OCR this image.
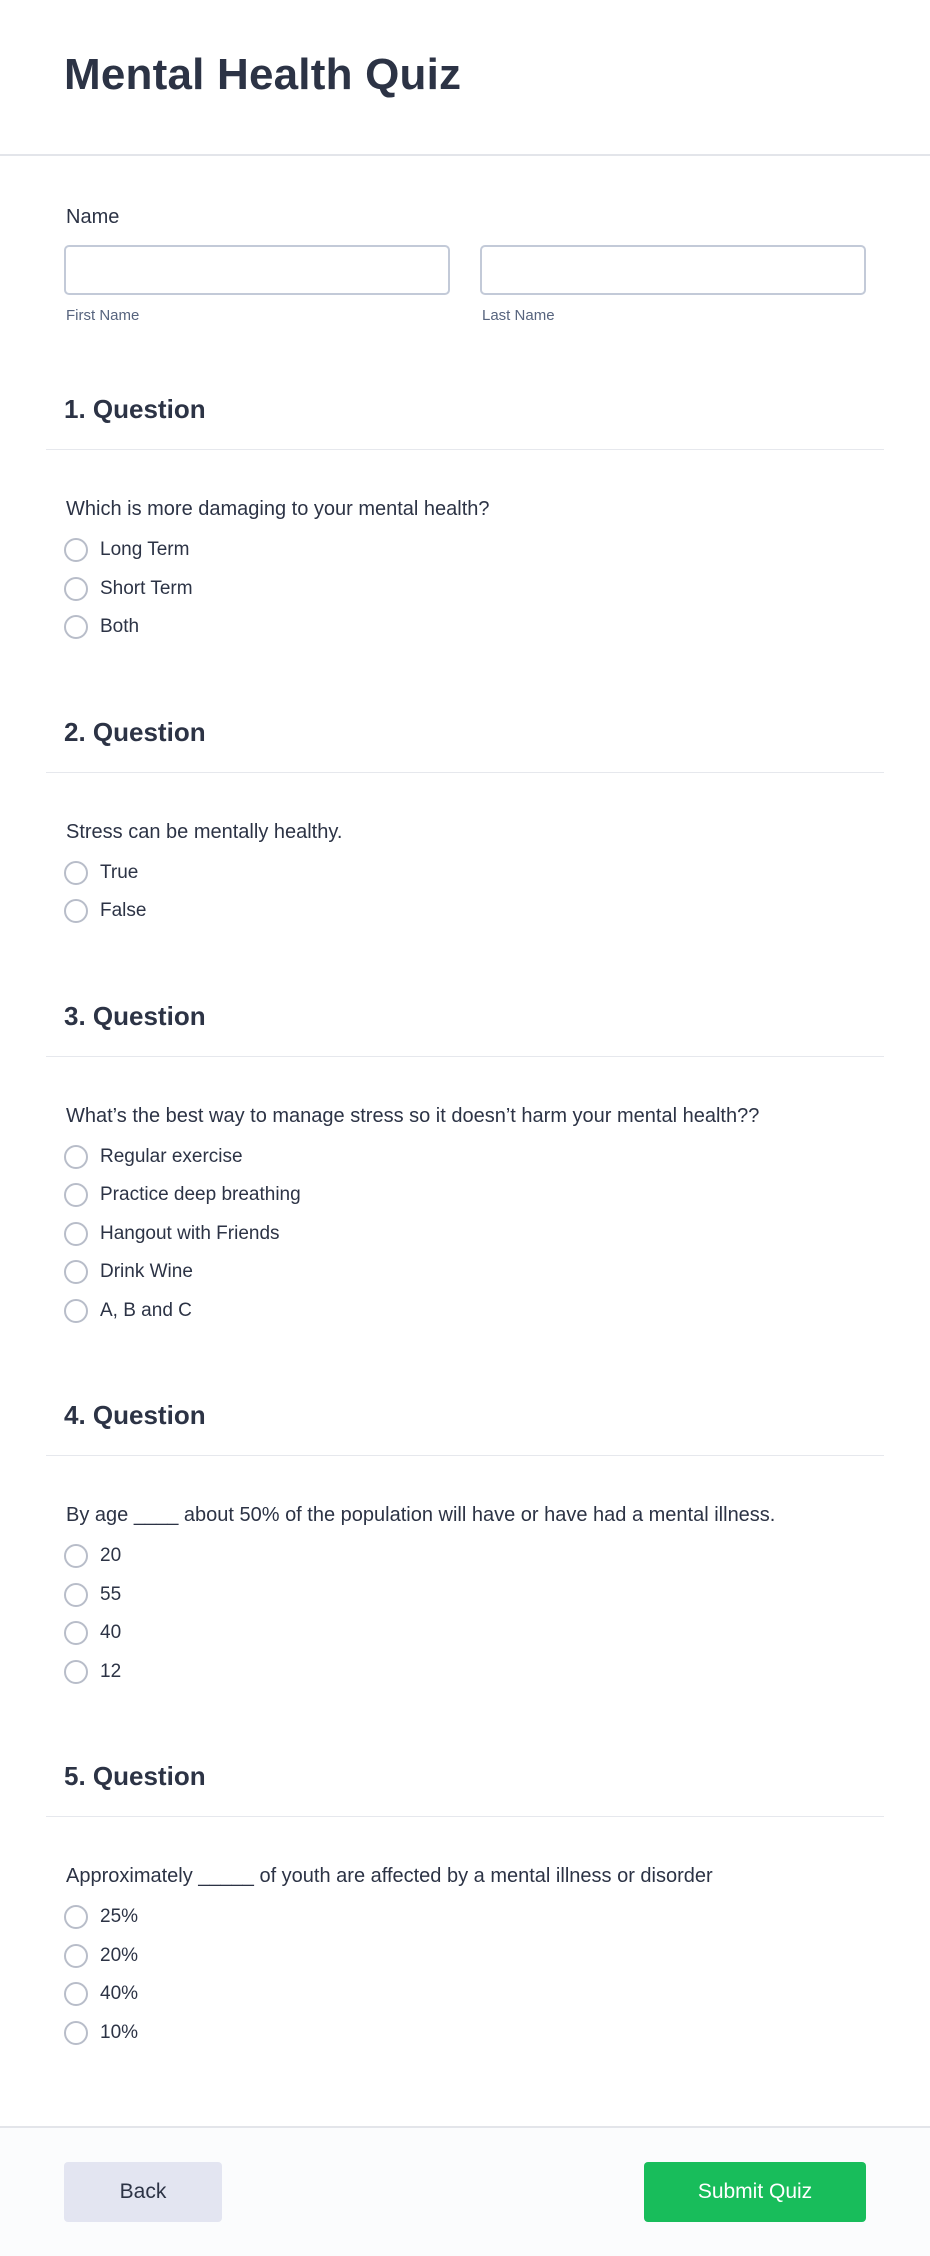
Mental Health Quiz
Name
First Name	Last Name
1. Question
Which is more damaging to your mental health?
Long Term
Short Term
Both
2. Question
Stress can be mentally healthy.
True
False
3. Question
What’s the best way to manage stress so it doesn’t harm your mental health??
Regular exercise
Practice deep breathing
Hangout with Friends
Drink Wine
A, B and C
4. Question
By age ____ about 50% of the population will have or have had a mental illness.
20
55
40
12
5. Question
Approximately _____ of youth are affected by a mental illness or disorder
25%
20%
40%
10%
Back	Submit Quiz
